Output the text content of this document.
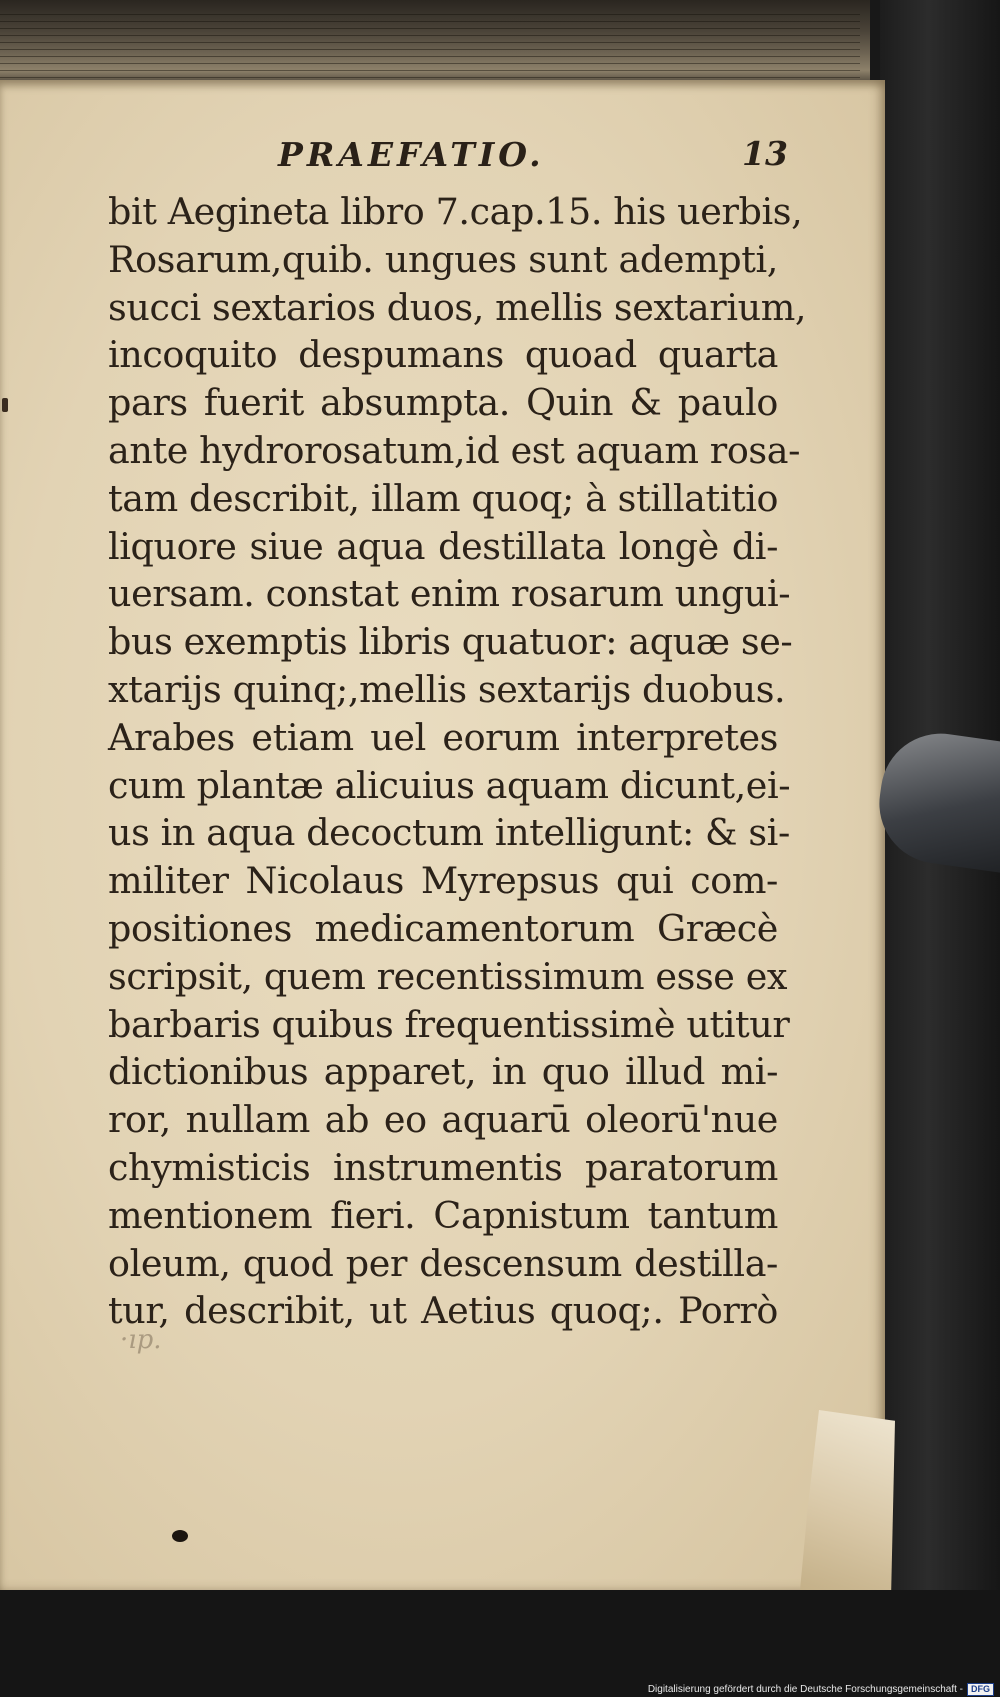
PRAEFATIO.	13
bit Aegineta libro 7.cap.15. his uerbis,
Rosarum,quib. ungues sunt adempti,
succi sextarios duos, mellis sextarium,
incoquito despumans quoad quarta
pars fuerit absumpta. Quin & paulo
ante hydrorosatum,id est aquam rosa-
tam describit, illam quoq; à stillatitio
liquore siue aqua destillata longè di-
uersam. constat enim rosarum ungui-
bus exemptis libris quatuor: aquæ se-
xtarijs quinq;,mellis sextarijs duobus.
Arabes etiam uel eorum interpretes
cum plantæ alicuius aquam dicunt,ei-
us in aqua decoctum intelligunt: & si-
militer Nicolaus Myrepsus qui com-
positiones medicamentorum Græcè
scripsit, quem recentissimum esse ex
barbaris quibus frequentissimè utitur
dictionibus apparet, in quo illud mi-
ror, nullam ab eo aquarū oleorū'nue
chymisticis instrumentis paratorum
mentionem fieri. Capnistum tantum
oleum, quod per descensum destilla-
tur, describit, ut Aetius quoq;. Porrò
·ıp.
Digitalisierung gefördert durch die Deutsche Forschungsgemeinschaft - DFG
